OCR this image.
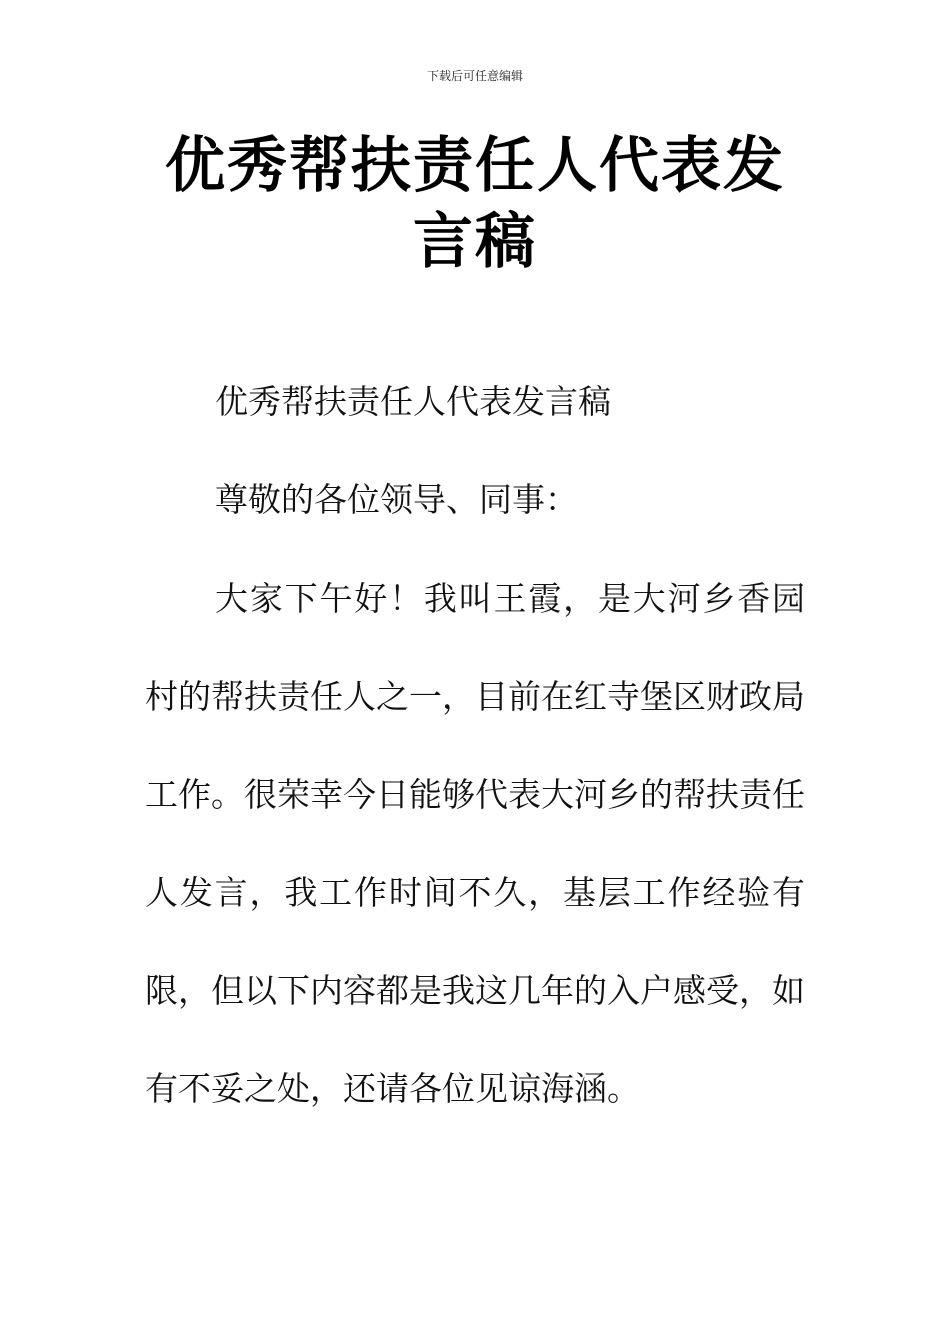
下载后可任意编辑
优秀帮扶责任人代表发言稿
优秀帮扶责任人代表发言稿
尊敬的各位领导、同事：
大家下午好！我叫王霞，是大河乡香园村的帮扶责任人之一，目前在红寺堡区财政局工作。很荣幸今日能够代表大河乡的帮扶责任人发言，我工作时间不久，基层工作经验有限，但以下内容都是我这几年的入户感受，如有不妥之处，还请各位见谅海涵。
